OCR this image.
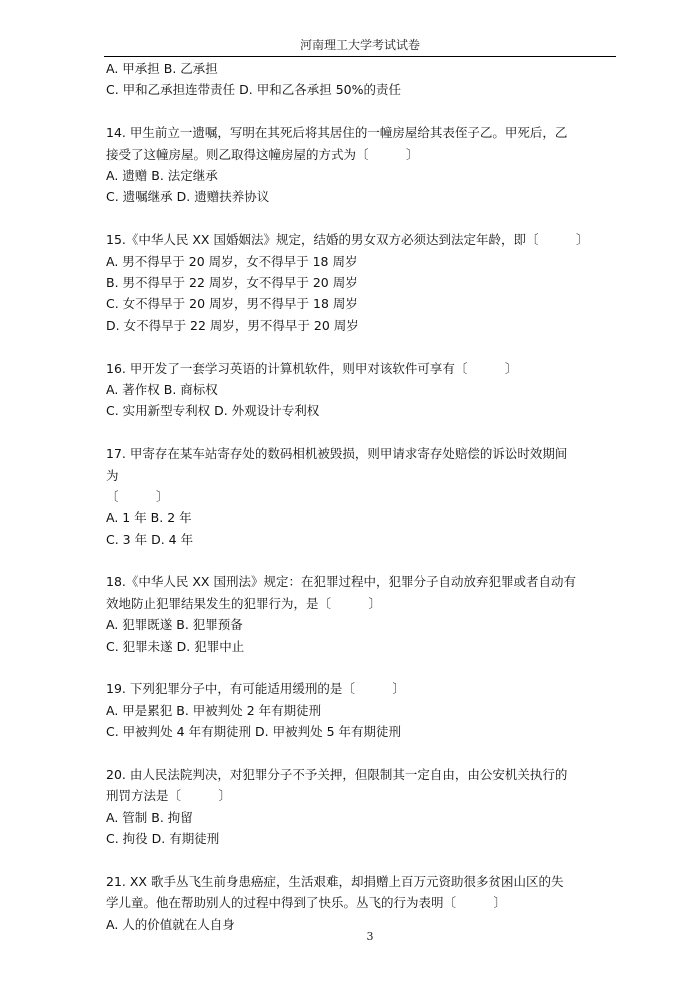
河南理工大学考试试卷
A. 甲承担 B. 乙承担
C. 甲和乙承担连带责任 D. 甲和乙各承担 50%的责任
14. 甲生前立一遗嘱，写明在其死后将其居住的一幢房屋给其表侄子乙。甲死后，乙
接受了这幢房屋。则乙取得这幢房屋的方式为〔　　　〕
A. 遗赠 B. 法定继承
C. 遗嘱继承 D. 遗赠扶养协议
15.《中华人民 XX 国婚姻法》规定，结婚的男女双方必须达到法定年龄，即〔　　　〕
A. 男不得早于 20 周岁，女不得早于 18 周岁
B. 男不得早于 22 周岁，女不得早于 20 周岁
C. 女不得早于 20 周岁，男不得早于 18 周岁
D. 女不得早于 22 周岁，男不得早于 20 周岁
16. 甲开发了一套学习英语的计算机软件，则甲对该软件可享有〔　　　〕
A. 著作权 B. 商标权
C. 实用新型专利权 D. 外观设计专利权
17. 甲寄存在某车站寄存处的数码相机被毁损，则甲请求寄存处赔偿的诉讼时效期间
为
〔　　　〕
A. 1 年 B. 2 年
C. 3 年 D. 4 年
18.《中华人民 XX 国刑法》规定：在犯罪过程中，犯罪分子自动放弃犯罪或者自动有
效地防止犯罪结果发生的犯罪行为，是〔　　　〕
A. 犯罪既遂 B. 犯罪预备
C. 犯罪未遂 D. 犯罪中止
19. 下列犯罪分子中，有可能适用缓刑的是〔　　　〕
A. 甲是累犯 B. 甲被判处 2 年有期徒刑
C. 甲被判处 4 年有期徒刑 D. 甲被判处 5 年有期徒刑
20. 由人民法院判决，对犯罪分子不予关押，但限制其一定自由，由公安机关执行的
刑罚方法是〔　　　〕
A. 管制 B. 拘留
C. 拘役 D. 有期徒刑
21. XX 歌手丛飞生前身患癌症，生活艰难，却捐赠上百万元资助很多贫困山区的失
学儿童。他在帮助别人的过程中得到了快乐。丛飞的行为表明〔　　　〕
A. 人的价值就在人自身
3
